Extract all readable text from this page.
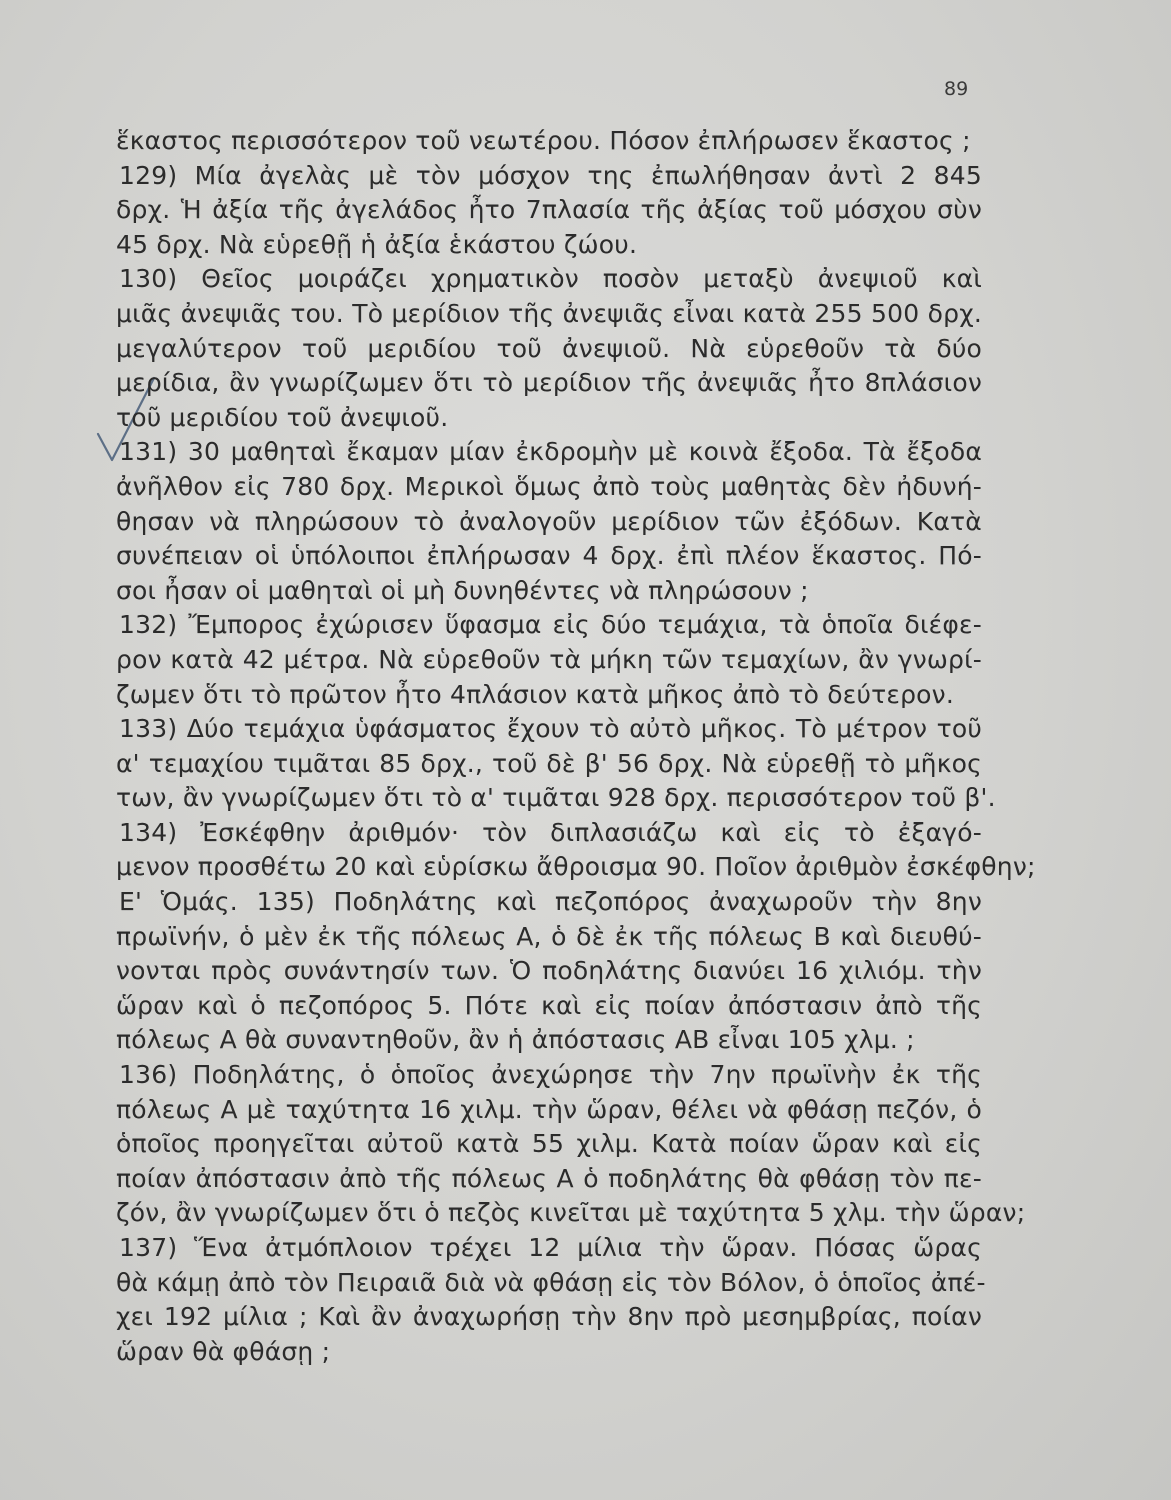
89
ἕκαστος περισσότερον τοῦ νεωτέρου. Πόσον ἐπλήρωσεν ἕκαστος ;
129) Μία ἀγελὰς μὲ τὸν μόσχον της ἐπωλήθησαν ἀντὶ 2 845
δρχ. Ἡ ἀξία τῆς ἀγελάδος ἦτο 7πλασία τῆς ἀξίας τοῦ μόσχου σὺν
45 δρχ. Νὰ εὑρεθῇ ἡ ἀξία ἑκάστου ζώου.
130) Θεῖος μοιράζει χρηματικὸν ποσὸν μεταξὺ ἀνεψιοῦ καὶ
μιᾶς ἀνεψιᾶς του. Τὸ μερίδιον τῆς ἀνεψιᾶς εἶναι κατὰ 255 500 δρχ.
μεγαλύτερον τοῦ μεριδίου τοῦ ἀνεψιοῦ. Νὰ εὑρεθοῦν τὰ δύο
μερίδια, ἂν γνωρίζωμεν ὅτι τὸ μερίδιον τῆς ἀνεψιᾶς ἦτο 8πλάσιον
τοῦ μεριδίου τοῦ ἀνεψιοῦ.
131) 30 μαθηταὶ ἔκαμαν μίαν ἐκδρομὴν μὲ κοινὰ ἔξοδα. Τὰ ἔξοδα
ἀνῆλθον εἰς 780 δρχ. Μερικοὶ ὅμως ἀπὸ τοὺς μαθητὰς δὲν ἠδυνή-
θησαν νὰ πληρώσουν τὸ ἀναλογοῦν μερίδιον τῶν ἐξόδων. Κατὰ
συνέπειαν οἱ ὑπόλοιποι ἐπλήρωσαν 4 δρχ. ἐπὶ πλέον ἕκαστος. Πό-
σοι ἦσαν οἱ μαθηταὶ οἱ μὴ δυνηθέντες νὰ πληρώσουν ;
132) Ἔμπορος ἐχώρισεν ὕφασμα εἰς δύο τεμάχια, τὰ ὁποῖα διέφε-
ρον κατὰ 42 μέτρα. Νὰ εὑρεθοῦν τὰ μήκη τῶν τεμαχίων, ἂν γνωρί-
ζωμεν ὅτι τὸ πρῶτον ἦτο 4πλάσιον κατὰ μῆκος ἀπὸ τὸ δεύτερον.
133) Δύο τεμάχια ὑφάσματος ἔχουν τὸ αὐτὸ μῆκος. Τὸ μέτρον τοῦ
α' τεμαχίου τιμᾶται 85 δρχ., τοῦ δὲ β' 56 δρχ. Νὰ εὑρεθῇ τὸ μῆκος
των, ἂν γνωρίζωμεν ὅτι τὸ α' τιμᾶται 928 δρχ. περισσότερον τοῦ β'.
134) Ἐσκέφθην ἀριθμόν· τὸν διπλασιάζω καὶ εἰς τὸ ἐξαγό-
μενον προσθέτω 20 καὶ εὑρίσκω ἄθροισμα 90. Ποῖον ἀριθμὸν ἐσκέφθην;
Ε' Ὁμάς. 135) Ποδηλάτης καὶ πεζοπόρος ἀναχωροῦν τὴν 8ην
πρωϊνήν, ὁ μὲν ἐκ τῆς πόλεως Α, ὁ δὲ ἐκ τῆς πόλεως Β καὶ διευθύ-
νονται πρὸς συνάντησίν των. Ὁ ποδηλάτης διανύει 16 χιλιόμ. τὴν
ὥραν καὶ ὁ πεζοπόρος 5. Πότε καὶ εἰς ποίαν ἀπόστασιν ἀπὸ τῆς
πόλεως Α θὰ συναντηθοῦν, ἂν ἡ ἀπόστασις ΑΒ εἶναι 105 χλμ. ;
136) Ποδηλάτης, ὁ ὁποῖος ἀνεχώρησε τὴν 7ην πρωϊνὴν ἐκ τῆς
πόλεως Α μὲ ταχύτητα 16 χιλμ. τὴν ὥραν, θέλει νὰ φθάσῃ πεζόν, ὁ
ὁποῖος προηγεῖται αὐτοῦ κατὰ 55 χιλμ. Κατὰ ποίαν ὥραν καὶ εἰς
ποίαν ἀπόστασιν ἀπὸ τῆς πόλεως Α ὁ ποδηλάτης θὰ φθάσῃ τὸν πε-
ζόν, ἂν γνωρίζωμεν ὅτι ὁ πεζὸς κινεῖται μὲ ταχύτητα 5 χλμ. τὴν ὥραν;
137) Ἕνα ἀτμόπλοιον τρέχει 12 μίλια τὴν ὥραν. Πόσας ὥρας
θὰ κάμῃ ἀπὸ τὸν Πειραιᾶ διὰ νὰ φθάσῃ εἰς τὸν Βόλον, ὁ ὁποῖος ἀπέ-
χει 192 μίλια ; Καὶ ἂν ἀναχωρήσῃ τὴν 8ην πρὸ μεσημβρίας, ποίαν
ὥραν θὰ φθάσῃ ;
